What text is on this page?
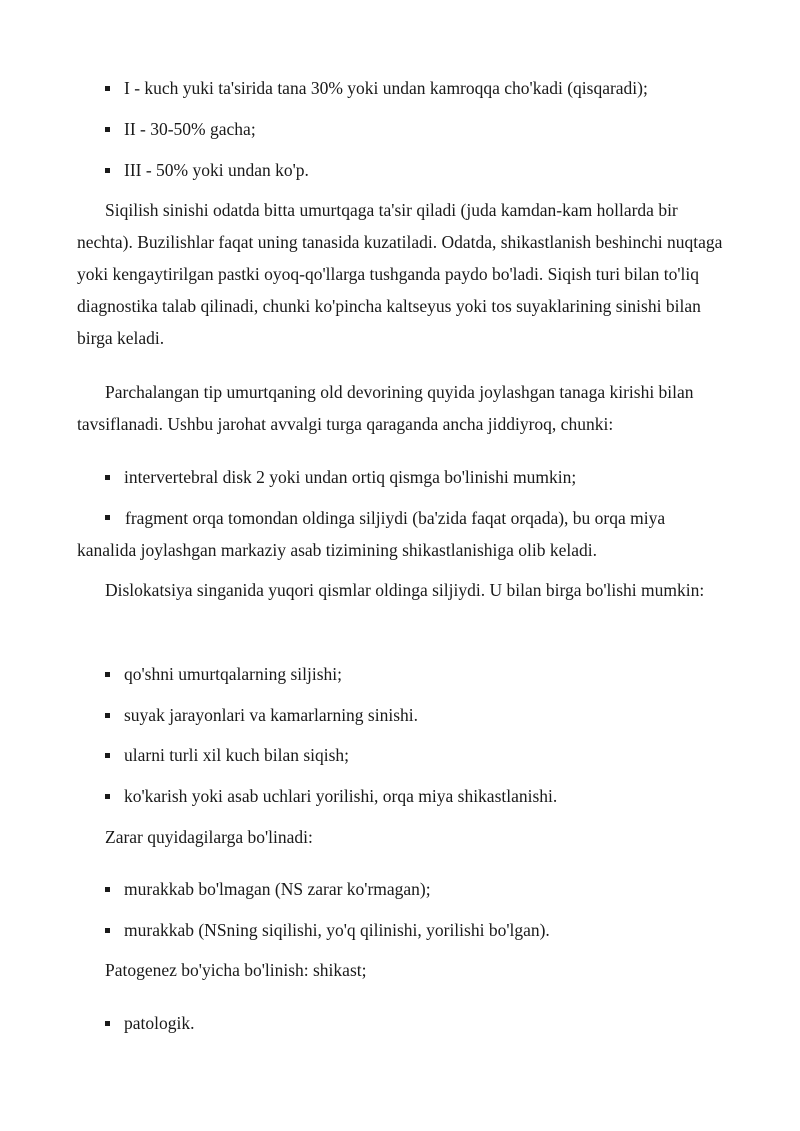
I - kuch yuki ta'sirida tana 30% yoki undan kamroqqa cho'kadi (qisqaradi);

II - 30-50% gacha;

III - 50% yoki undan ko'p.

Siqilish sinishi odatda bitta umurtqaga ta'sir qiladi (juda kamdan-kam hollarda bir nechta). Buzilishlar faqat uning tanasida kuzatiladi. Odatda, shikastlanish beshinchi nuqtaga yoki kengaytirilgan pastki oyoq-qo'llarga tushganda paydo bo'ladi. Siqish turi bilan to'liq diagnostika talab qilinadi, chunki ko'pincha kaltseyus yoki tos suyaklarining sinishi bilan birga keladi.

Parchalangan tip umurtqaning old devorining quyida joylashgan tanaga kirishi bilan tavsiflanadi. Ushbu jarohat avvalgi turga qaraganda ancha jiddiyroq, chunki:

intervertebral disk 2 yoki undan ortiq qismga bo'linishi mumkin;

fragment orqa tomondan oldinga siljiydi (ba'zida faqat orqada), bu orqa miya kanalida joylashgan markaziy asab tizimining shikastlanishiga olib keladi.

Dislokatsiya singanida yuqori qismlar oldinga siljiydi. U bilan birga bo'lishi mumkin:

qo'shni umurtqalarning siljishi;

suyak jarayonlari va kamarlarning sinishi.

ularni turli xil kuch bilan siqish;

ko'karish yoki asab uchlari yorilishi, orqa miya shikastlanishi.

Zarar quyidagilarga bo'linadi:

murakkab bo'lmagan (NS zarar ko'rmagan);

murakkab (NSning siqilishi, yo'q qilinishi, yorilishi bo'lgan).

Patogenez bo'yicha bo'linish: shikast;

patologik.
